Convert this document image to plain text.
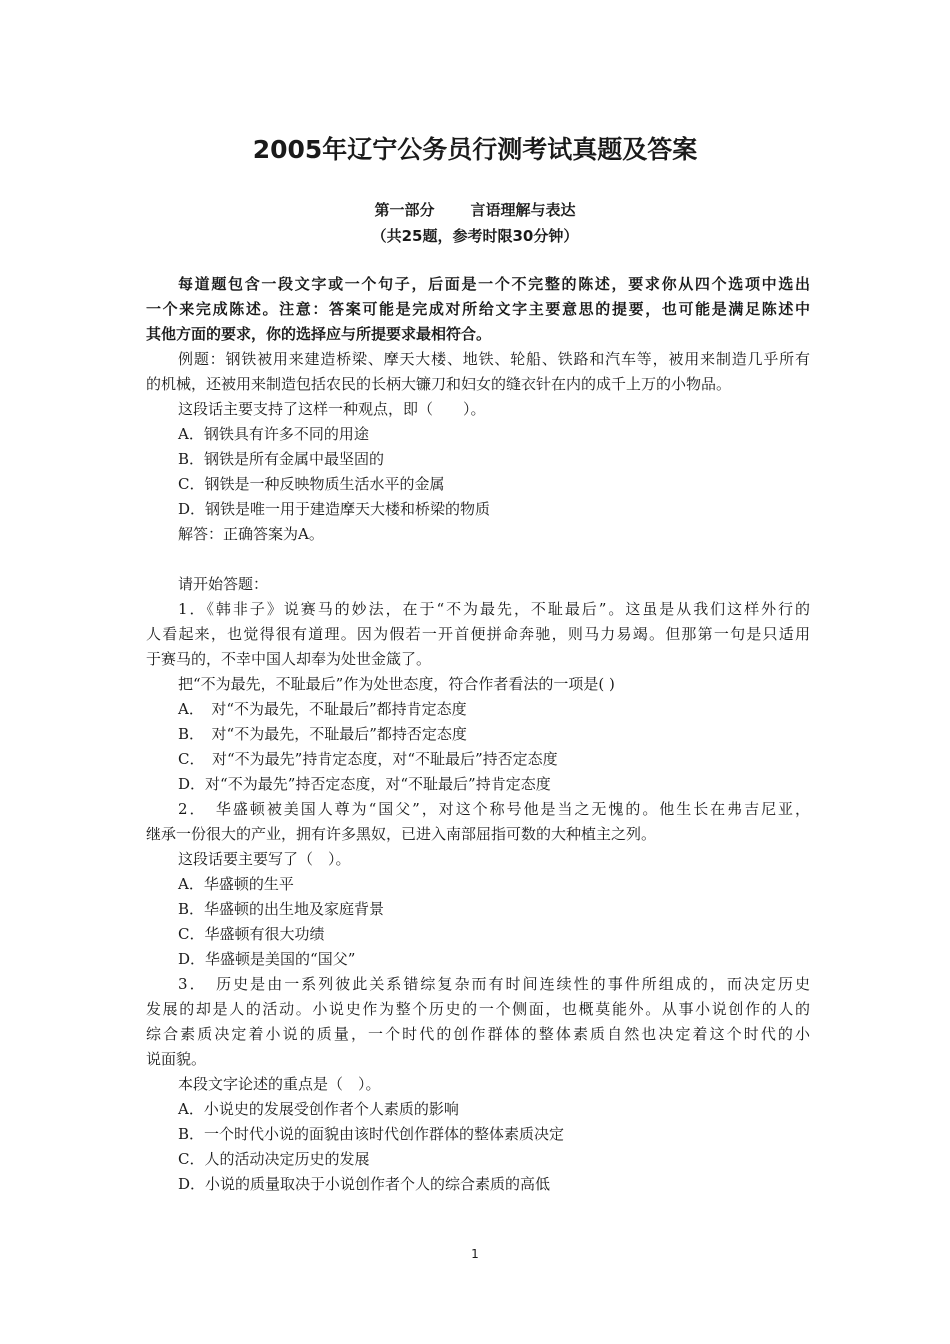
2005年辽宁公务员行测考试真题及答案
第一部分 言语理解与表达
（共25题，参考时限30分钟）
每道题包含一段文字或一个句子，后面是一个不完整的陈述，要求你从四个选项中选出
一个来完成陈述。注意：答案可能是完成对所给文字主要意思的提要，也可能是满足陈述中
其他方面的要求，你的选择应与所提要求最相符合。
例题：钢铁被用来建造桥梁、摩天大楼、地铁、轮船、铁路和汽车等，被用来制造几乎所有
的机械，还被用来制造包括农民的长柄大镰刀和妇女的缝衣针在内的成千上万的小物品。
这段话主要支持了这样一种观点，即（　　）。
A．钢铁具有许多不同的用途
B．钢铁是所有金属中最坚固的
C．钢铁是一种反映物质生活水平的金属
D．钢铁是唯一用于建造摩天大楼和桥梁的物质
解答：正确答案为A。
请开始答题：
1．《韩非子》说赛马的妙法，在于“不为最先，不耻最后”。这虽是从我们这样外行的
人看起来，也觉得很有道理。因为假若一开首便拼命奔驰，则马力易竭。但那第一句是只适用
于赛马的，不幸中国人却奉为处世金箴了。
把“不为最先，不耻最后”作为处世态度，符合作者看法的一项是( )
A．　对“不为最先，不耻最后”都持肯定态度
B．　对“不为最先，不耻最后”都持否定态度
C．　对“不为最先”持肯定态度，对“不耻最后”持否定态度
D．对“不为最先”持否定态度，对“不耻最后”持肯定态度
2．　华盛顿被美国人尊为“国父”，对这个称号他是当之无愧的。他生长在弗吉尼亚，
继承一份很大的产业，拥有许多黑奴，已进入南部屈指可数的大种植主之列。
这段话要主要写了（　）。
A．华盛顿的生平
B．华盛顿的出生地及家庭背景
C．华盛顿有很大功绩
D．华盛顿是美国的“国父”
3．　历史是由一系列彼此关系错综复杂而有时间连续性的事件所组成的，而决定历史
发展的却是人的活动。小说史作为整个历史的一个侧面，也概莫能外。从事小说创作的人的
综合素质决定着小说的质量，一个时代的创作群体的整体素质自然也决定着这个时代的小
说面貌。
本段文字论述的重点是（　）。
A．小说史的发展受创作者个人素质的影响
B．一个时代小说的面貌由该时代创作群体的整体素质决定
C．人的活动决定历史的发展
D．小说的质量取决于小说创作者个人的综合素质的高低
1
